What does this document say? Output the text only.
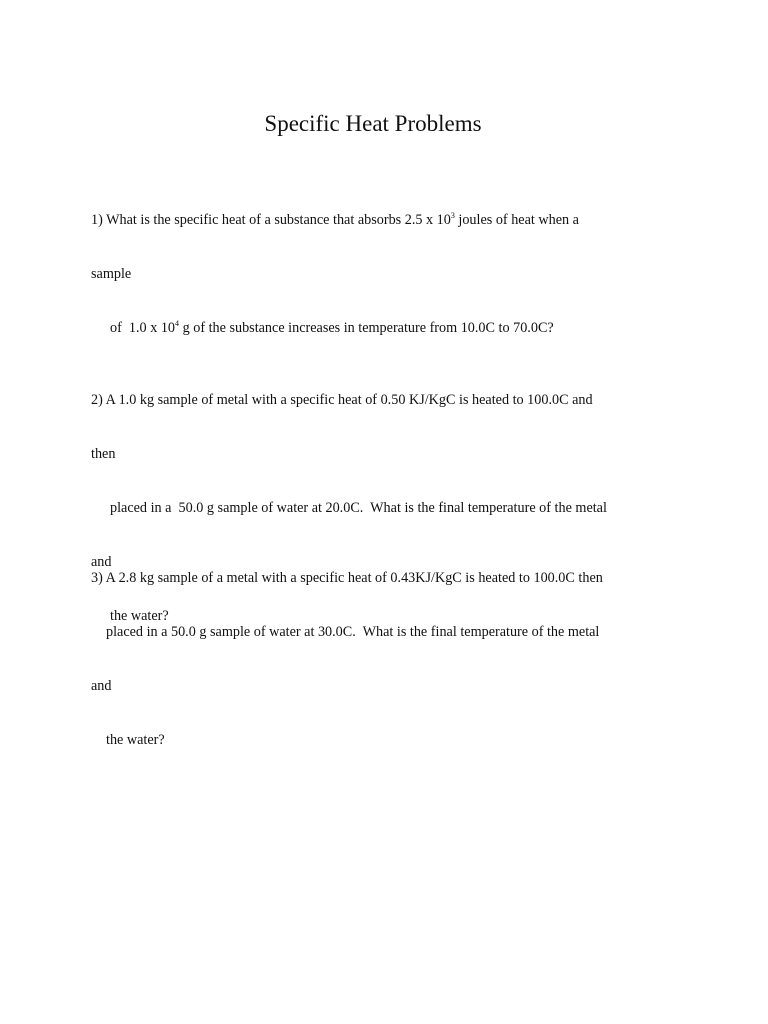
Specific Heat Problems

1) What is the specific heat of a substance that absorbs 2.5 x $10^3$ joules of heat when a

sample

of  1.0 x $10^4$ g of the substance increases in temperature from 10.0C to 70.0C?

2) A 1.0 kg sample of metal with a specific heat of 0.50 KJ/KgC is heated to 100.0C and

then

placed in a  50.0 g sample of water at 20.0C.  What is the final temperature of the metal

and

the water?

3) A 2.8 kg sample of a metal with a specific heat of 0.43KJ/KgC is heated to 100.0C then

placed in a 50.0 g sample of water at 30.0C.  What is the final temperature of the metal

and

the water?
